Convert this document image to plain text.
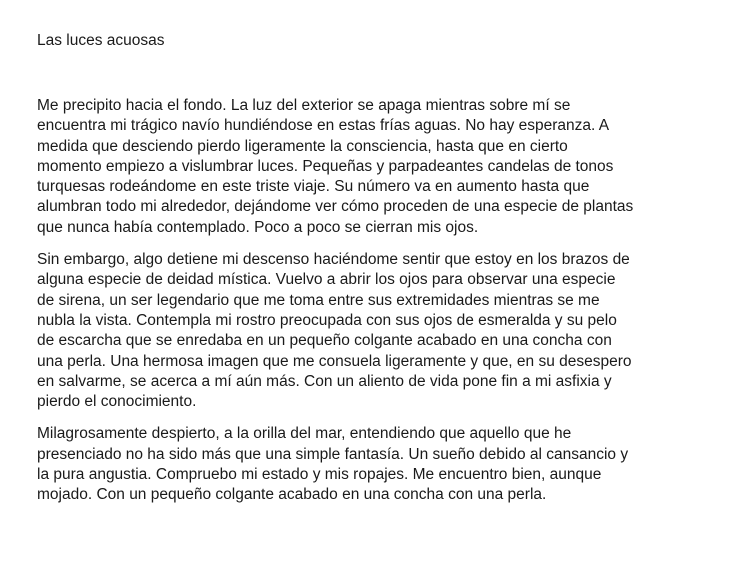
Las luces acuosas

Me precipito hacia el fondo. La luz del exterior se apaga mientras sobre mí se
encuentra mi trágico navío hundiéndose en estas frías aguas. No hay esperanza. A
medida que desciendo pierdo ligeramente la consciencia, hasta que en cierto
momento empiezo a vislumbrar luces. Pequeñas y parpadeantes candelas de tonos
turquesas rodeándome en este triste viaje. Su número va en aumento hasta que
alumbran todo mi alrededor, dejándome ver cómo proceden de una especie de plantas
que nunca había contemplado. Poco a poco se cierran mis ojos.

Sin embargo, algo detiene mi descenso haciéndome sentir que estoy en los brazos de
alguna especie de deidad mística. Vuelvo a abrir los ojos para observar una especie
de sirena, un ser legendario que me toma entre sus extremidades mientras se me
nubla la vista. Contempla mi rostro preocupada con sus ojos de esmeralda y su pelo
de escarcha que se enredaba en un pequeño colgante acabado en una concha con
una perla. Una hermosa imagen que me consuela ligeramente y que, en su desespero
en salvarme, se acerca a mí aún más. Con un aliento de vida pone fin a mi asfixia y
pierdo el conocimiento.

Milagrosamente despierto, a la orilla del mar, entendiendo que aquello que he
presenciado no ha sido más que una simple fantasía. Un sueño debido al cansancio y
la pura angustia. Compruebo mi estado y mis ropajes. Me encuentro bien, aunque
mojado. Con un pequeño colgante acabado en una concha con una perla.
